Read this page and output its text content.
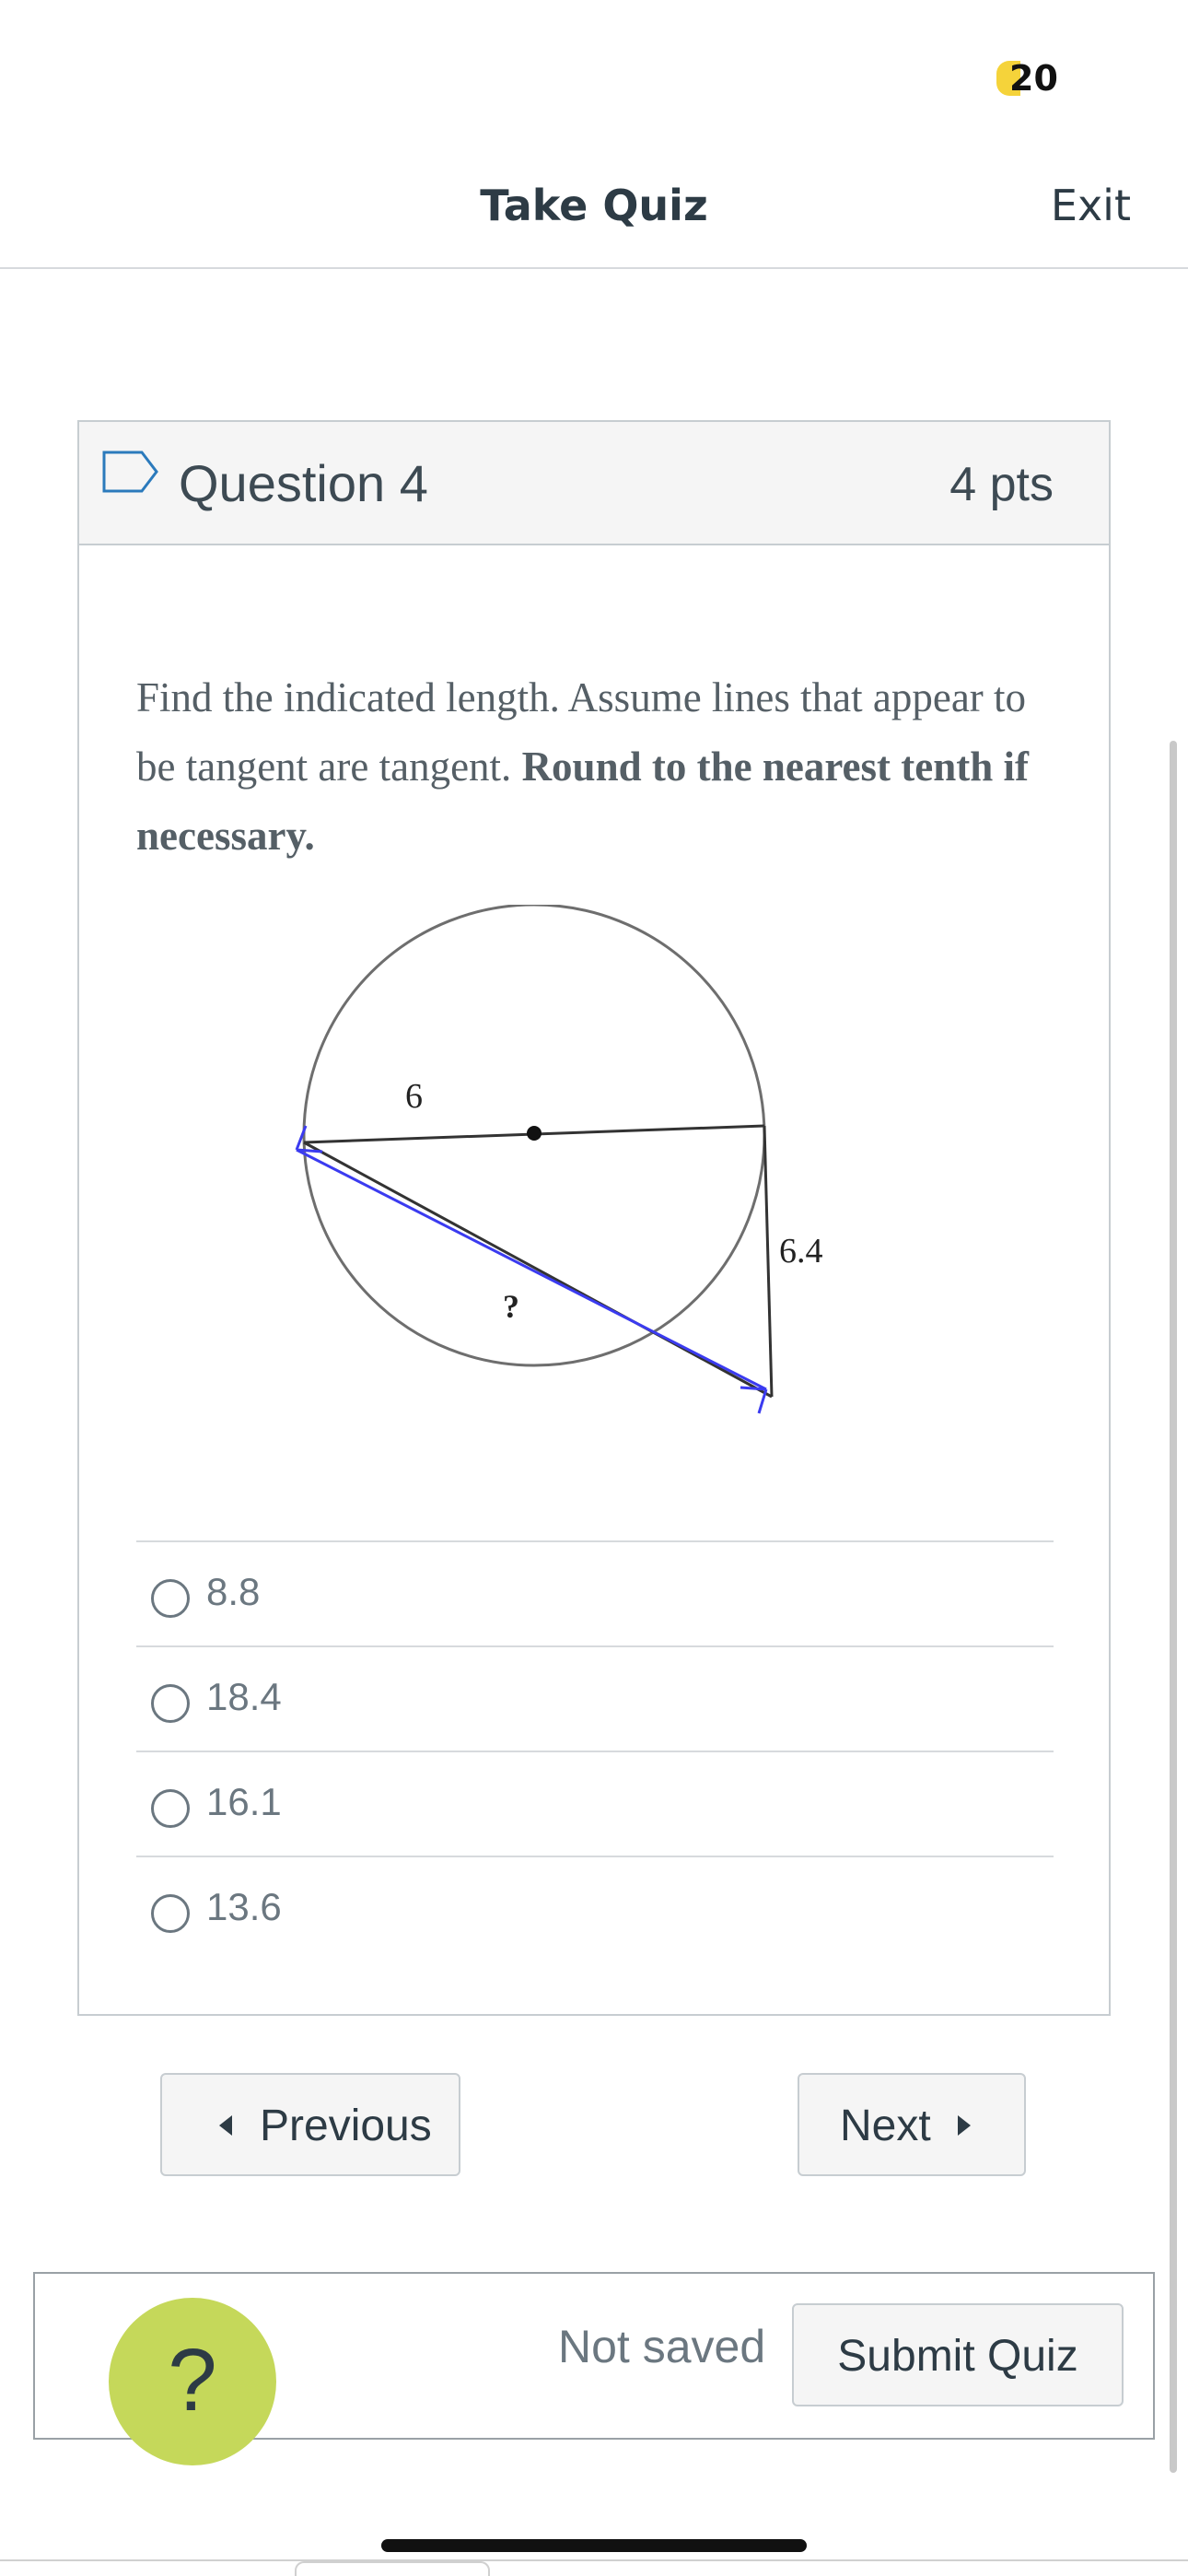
20
Take Quiz	Exit
Question 4	4 pts
Find the indicated length. Assume lines that appear to be tangent are tangent. Round to the nearest tenth if necessary.
6
6.4
?
8.8
18.4
16.1
13.6
Previous	Next
?	Not saved	Submit Quiz
